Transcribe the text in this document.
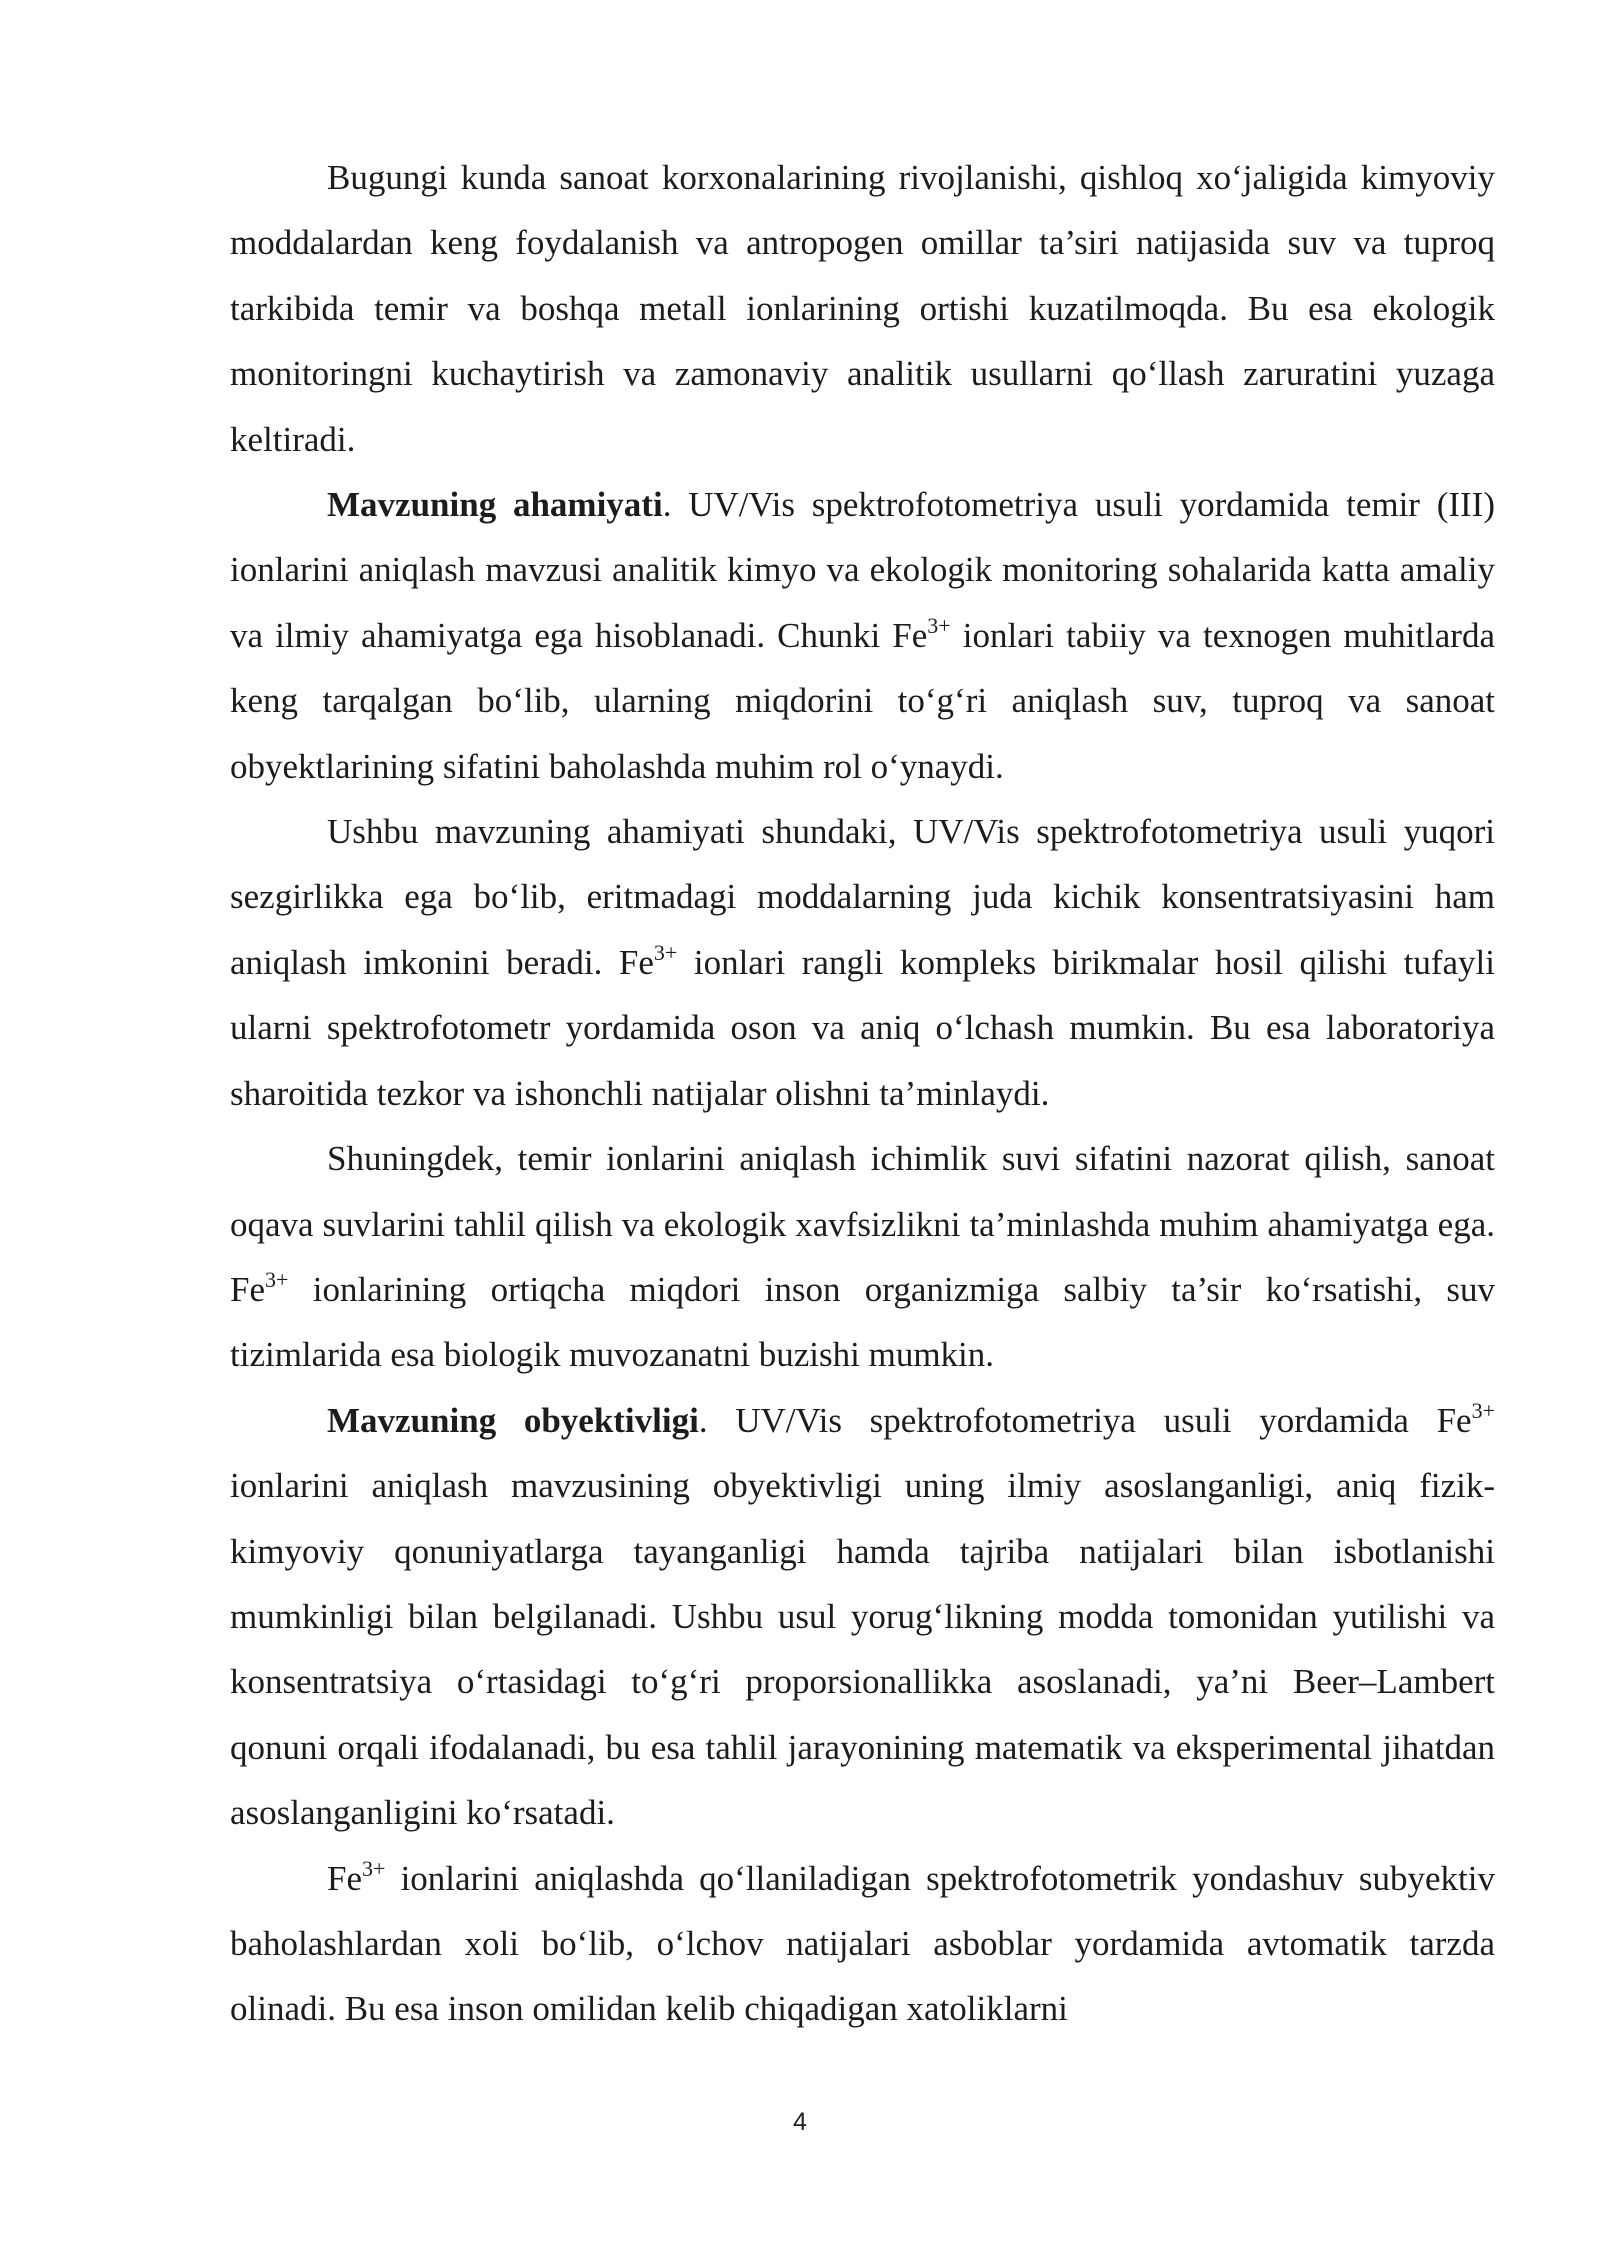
Bugungi kunda sanoat korxonalarining rivojlanishi, qishloq xo‘jaligida kimyoviy moddalardan keng foydalanish va antropogen omillar ta’siri natijasida suv va tuproq tarkibida temir va boshqa metall ionlarining ortishi kuzatilmoqda. Bu esa ekologik monitoringni kuchaytirish va zamonaviy analitik usullarni qo‘llash zaruratini yuzaga keltiradi.

Mavzuning ahamiyati. UV/Vis spektrofotometriya usuli yordamida temir (III) ionlarini aniqlash mavzusi analitik kimyo va ekologik monitoring sohalarida katta amaliy va ilmiy ahamiyatga ega hisoblanadi. Chunki $Fe^{3+}$ ionlari tabiiy va texnogen muhitlarda keng tarqalgan bo‘lib, ularning miqdorini to‘g‘ri aniqlash suv, tuproq va sanoat obyektlarining sifatini baholashda muhim rol o‘ynaydi.

Ushbu mavzuning ahamiyati shundaki, UV/Vis spektrofotometriya usuli yuqori sezgirlikka ega bo‘lib, eritmadagi moddalarning juda kichik konsentratsiyasini ham aniqlash imkonini beradi. $Fe^{3+}$ ionlari rangli kompleks birikmalar hosil qilishi tufayli ularni spektrofotometr yordamida oson va aniq o‘lchash mumkin. Bu esa laboratoriya sharoitida tezkor va ishonchli natijalar olishni ta’minlaydi.

Shuningdek, temir ionlarini aniqlash ichimlik suvi sifatini nazorat qilish, sanoat oqava suvlarini tahlil qilish va ekologik xavfsizlikni ta’minlashda muhim ahamiyatga ega. $Fe^{3+}$ ionlarining ortiqcha miqdori inson organizmiga salbiy ta’sir ko‘rsatishi, suv tizimlarida esa biologik muvozanatni buzishi mumkin.

Mavzuning obyektivligi. UV/Vis spektrofotometriya usuli yordamida $Fe^{3+}$ ionlarini aniqlash mavzusining obyektivligi uning ilmiy asoslanganligi, aniq fizik-kimyoviy qonuniyatlarga tayanganligi hamda tajriba natijalari bilan isbotlanishi mumkinligi bilan belgilanadi. Ushbu usul yorug‘likning modda tomonidan yutilishi va konsentratsiya o‘rtasidagi to‘g‘ri proporsionallikka asoslanadi, ya’ni Beer–Lambert qonuni orqali ifodalanadi, bu esa tahlil jarayonining matematik va eksperimental jihatdan asoslanganligini ko‘rsatadi.

$Fe^{3+}$ ionlarini aniqlashda qo‘llaniladigan spektrofotometrik yondashuv subyektiv baholashlardan xoli bo‘lib, o‘lchov natijalari asboblar yordamida avtomatik tarzda olinadi. Bu esa inson omilidan kelib chiqadigan xatoliklarni

4
